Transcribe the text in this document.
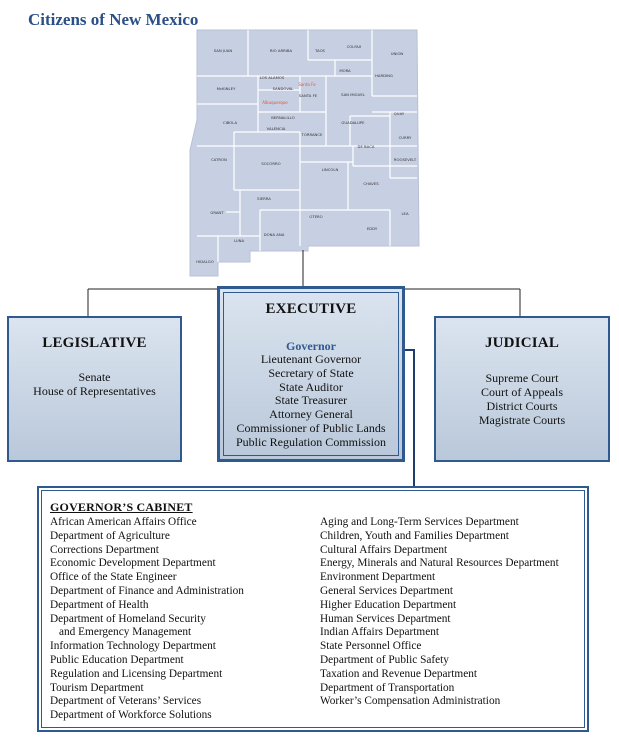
Citizens of New Mexico
SAN JUAN	RIO ARRIBA	TAOS
COLFAX
UNION
MORA
HARDING
McKINLEY
LOS ALAMOS
SANDOVAL
SANTA FE	SAN MIGUEL
QUAY
BERNALILLO
CIBOLA
VALENCIA
TORRANCE
GUADALUPE
CURRY
DE BACA
ROOSEVELT
CATRON
SOCORRO
LINCOLN
CHAVES
SIERRA
GRANT
OTERO
LEA
LUNA
DONA ANA
EDDY
HIDALGO
Albuquerque
Santa Fe
LEGISLATIVE
Senate
House of Representatives
EXECUTIVE
Governor
Lieutenant Governor
Secretary of State
State Auditor
State Treasurer
Attorney General
Commissioner of Public Lands
Public Regulation Commission
JUDICIAL
Supreme Court
Court of Appeals
District Courts
Magistrate Courts
GOVERNOR’S CABINET
African American Affairs Office
Department of Agriculture
Corrections Department
Economic Development Department
Office of the State Engineer
Department of Finance and Administration
Department of Health
Department of Homeland Security
and Emergency Management
Information Technology Department
Public Education Department
Regulation and Licensing Department
Tourism Department
Department of Veterans’ Services
Department of Workforce Solutions
Aging and Long-Term Services Department
Children, Youth and Families Department
Cultural Affairs Department
Energy, Minerals and Natural Resources Department
Environment Department
General Services Department
Higher Education Department
Human Services Department
Indian Affairs Department
State Personnel Office
Department of Public Safety
Taxation and Revenue Department
Department of Transportation
Worker’s Compensation Administration
